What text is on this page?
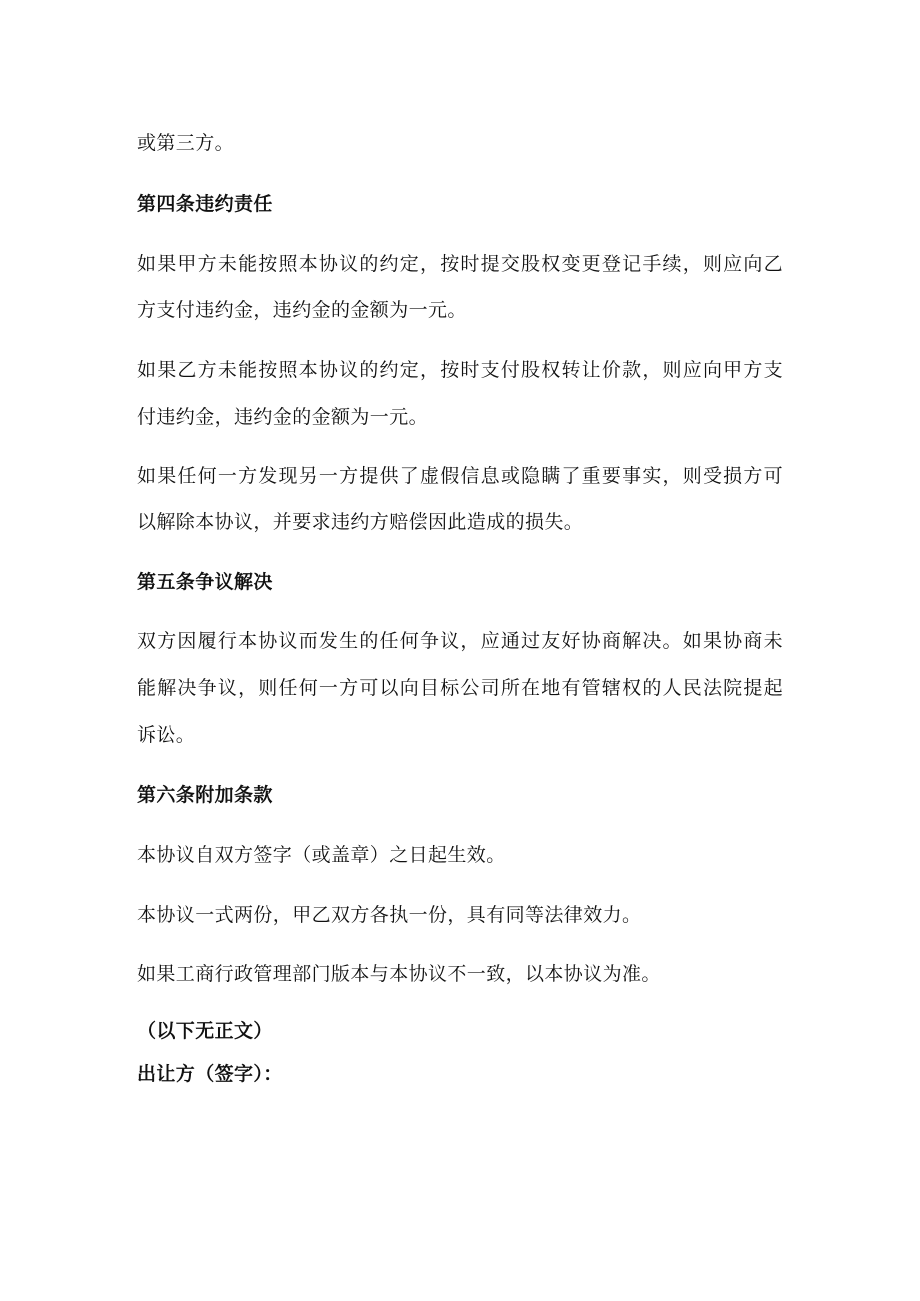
或第三方。
第四条违约责任
如果甲方未能按照本协议的约定，按时提交股权变更登记手续，则应向乙
方支付违约金，违约金的金额为一元。
如果乙方未能按照本协议的约定，按时支付股权转让价款，则应向甲方支
付违约金，违约金的金额为一元。
如果任何一方发现另一方提供了虚假信息或隐瞒了重要事实，则受损方可
以解除本协议，并要求违约方赔偿因此造成的损失。
第五条争议解决
双方因履行本协议而发生的任何争议，应通过友好协商解决。如果协商未
能解决争议，则任何一方可以向目标公司所在地有管辖权的人民法院提起
诉讼。
第六条附加条款
本协议自双方签字（或盖章）之日起生效。
本协议一式两份，甲乙双方各执一份，具有同等法律效力。
如果工商行政管理部门版本与本协议不一致，以本协议为准。
（以下无正文）
出让方（签字）：
